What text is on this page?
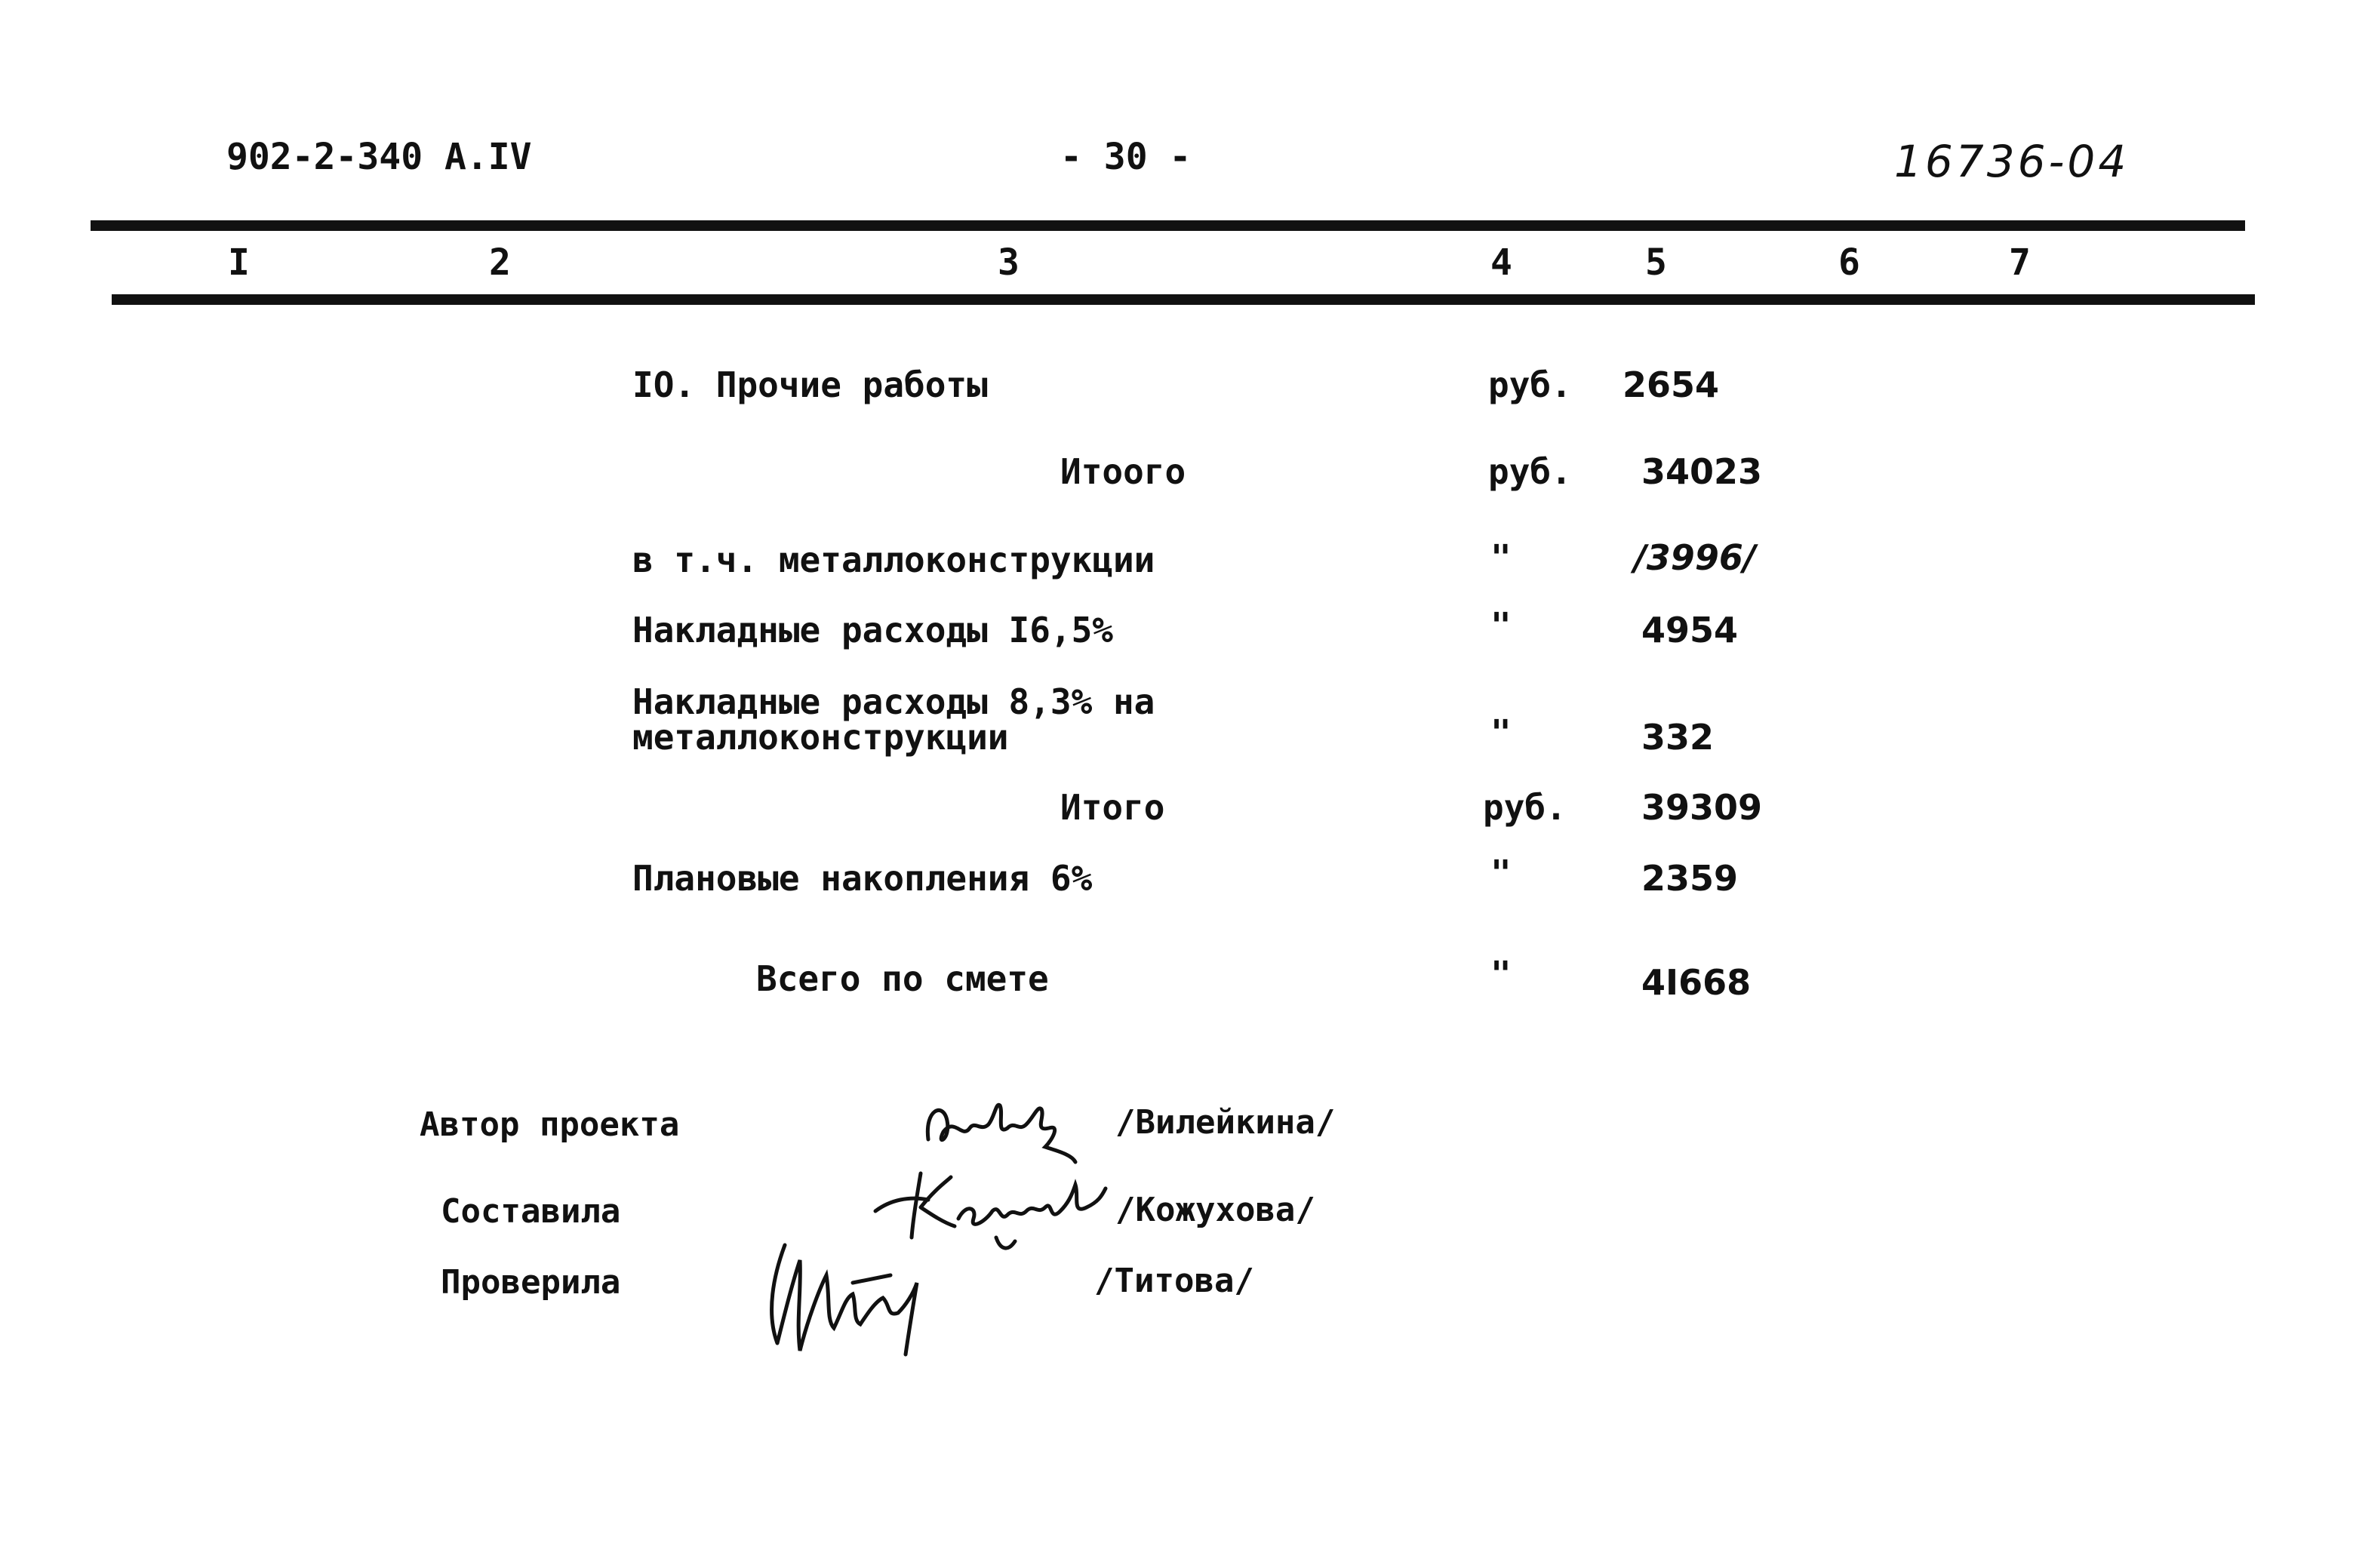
902-2-340 А.IV	- 30 -	16736-04
I	2	3	4	5	6	7
IO. Прочие работы	руб. 2654
Итоого	руб. 34023
в т.ч. металлоконструкции	"	/3996/
Накладные расходы I6,5%	"	4954
Накладные расходы 8,3% на
металлоконструкции	"	332
Итого	руб. 39309
Плановые накопления 6%	"	2359
Всего по смете	"	4I668
Автор проекта	/Вилейкина/
Составила	/Кожухова/
Проверила	/Титова/
